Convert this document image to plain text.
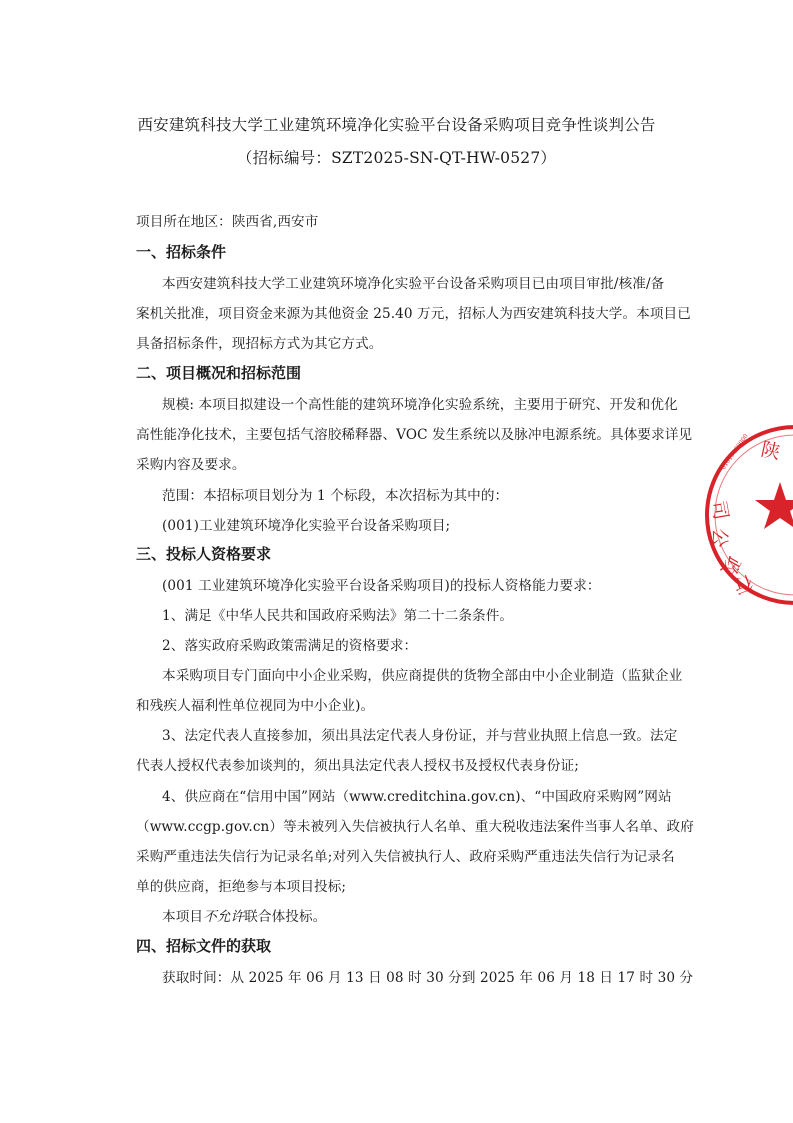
西安建筑科技大学工业建筑环境净化实验平台设备采购项目竞争性谈判公告
（招标编号：SZT2025-SN-QT-HW-0527）
项目所在地区：陕西省,西安市
一、招标条件
本西安建筑科技大学工业建筑环境净化实验平台设备采购项目已由项目审批/核准/备
案机关批准，项目资金来源为其他资金 25.40 万元，招标人为西安建筑科技大学。本项目已
具备招标条件，现招标方式为其它方式。
二、项目概况和招标范围
规模: 本项目拟建设一个高性能的建筑环境净化实验系统，主要用于研究、开发和优化
高性能净化技术，主要包括气溶胶稀释器、VOC 发生系统以及脉冲电源系统。具体要求详见
采购内容及要求。
范围：本招标项目划分为 1 个标段，本次招标为其中的：
(001)工业建筑环境净化实验平台设备采购项目;
三、投标人资格要求
(001 工业建筑环境净化实验平台设备采购项目)的投标人资格能力要求：
1、满足《中华人民共和国政府采购法》第二十二条条件。
2、落实政府采购政策需满足的资格要求：
本采购项目专门面向中小企业采购，供应商提供的货物全部由中小企业制造（监狱企业
和残疾人福利性单位视同为中小企业)。
3、法定代表人直接参加，须出具法定代表人身份证，并与营业执照上信息一致。法定
代表人授权代表参加谈判的，须出具法定代表人授权书及授权代表身份证;
4、供应商在“信用中国”网站（www.creditchina.gov.cn)、“中国政府采购网”网站
（www.ccgp.gov.cn）等未被列入失信被执行人名单、重大税收违法案件当事人名单、政府
采购严重违法失信行为记录名单;对列入失信被执行人、政府采购严重违法失信行为记录名
单的供应商，拒绝参与本项目投标;
本项目不允许联合体投标。
四、招标文件的获取
获取时间：从 2025 年 06 月 13 日 08 时 30 分到 2025 年 06 月 18 日 17 时 30 分
陕
行
政
公
司
61010000000
